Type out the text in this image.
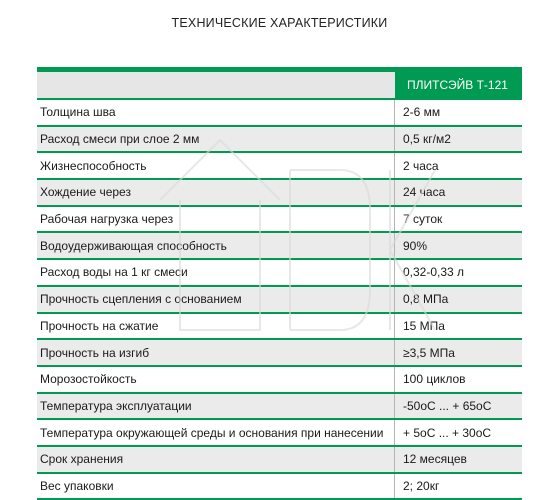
ТЕХНИЧЕСКИЕ ХАРАКТЕРИСТИКИ
ПЛИТСЭЙВ Т-121
Толщина шва	2-6 мм
Расход смеси при слое 2 мм	0,5 кг/м2
Жизнеспособность	2 часа
Хождение через	24 часа
Рабочая нагрузка через	7 суток
Водоудерживающая способность	90%
Расход воды на 1 кг смеси	0,32-0,33 л
Прочность сцепления с основанием	0,8 МПа
Прочность на сжатие	15 МПа
Прочность на изгиб	≥3,5 МПа
Морозостойкость	100 циклов
Температура эксплуатации	-50оС ... + 65оС
Температура окружающей среды и основания при нанесении	+ 5оС ... + 30оС
Срок хранения	12 месяцев
Вес упаковки	2; 20кг
